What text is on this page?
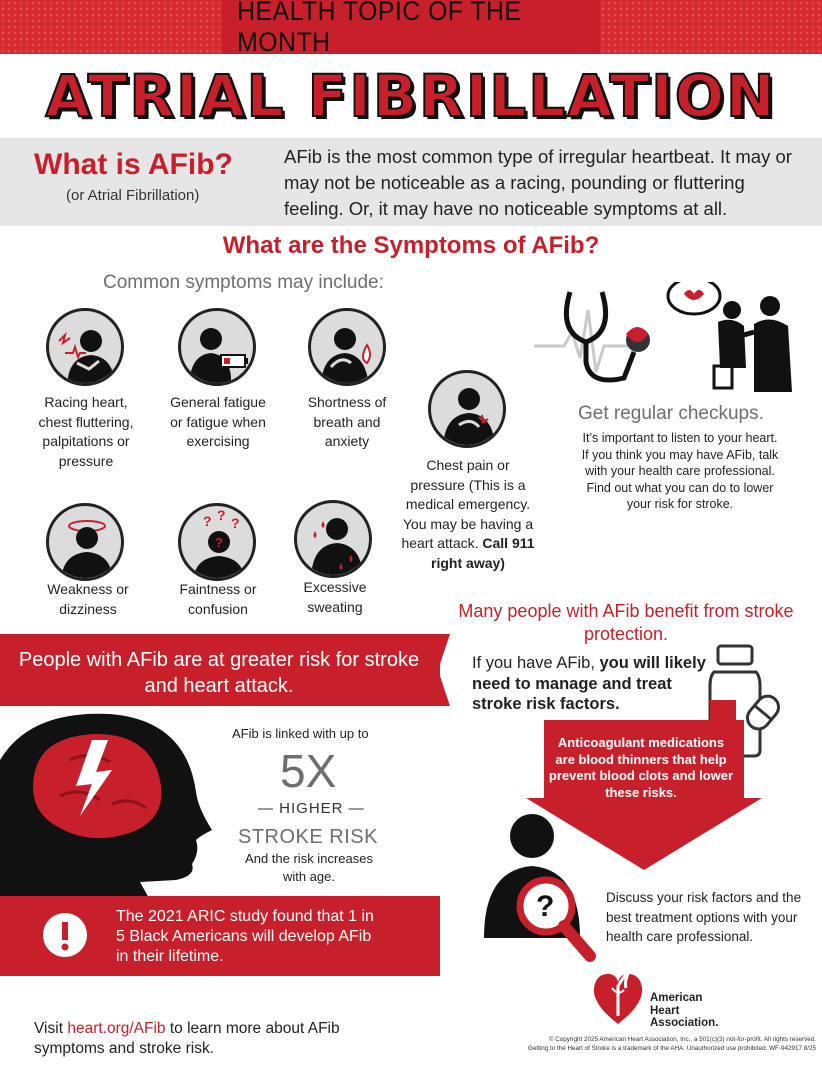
HEALTH TOPIC OF THE MONTH
ATRIAL FIBRILLATION
What is AFib?
(or Atrial Fibrillation)
AFib is the most common type of irregular heartbeat. It may or may not be noticeable as a racing, pounding or fluttering feeling. Or, it may have no noticeable symptoms at all.
What are the Symptoms of AFib?
Common symptoms may include:
Racing heart, chest fluttering, palpitations or pressure
General fatigue or fatigue when exercising
Shortness of breath and anxiety
Chest pain or pressure (This is a medical emergency. You may be having a heart attack. Call 911 right away)
Weakness or dizziness
? ? ?
?
Faintness or confusion
Excessive sweating
Get regular checkups.
It’s important to listen to your heart. If you think you may have AFib, talk with your health care professional. Find out what you can do to lower your risk for stroke.
People with AFib are at greater risk for stroke and heart attack.
AFib is linked with up to
5X
— HIGHER —
STROKE RISK
And the risk increases with age.
The 2021 ARIC study found that 1 in 5 Black Americans will develop AFib in their lifetime.
Many people with AFib benefit from stroke protection.
If you have AFib, you will likely need to manage and treat stroke risk factors.
Anticoagulant medications are blood thinners that help prevent blood clots and lower these risks.
?	Discuss your risk factors and the best treatment options with your health care professional.
Visit heart.org/AFib to learn more about AFib symptoms and stroke risk.
American
Heart
Association.
© Copyright 2025 American Heart Association, Inc., a 501(c)(3) not-for-profit. All rights reserved.
Getting to the Heart of Stroke is a trademark of the AHA. Unauthorized use prohibited. WF-942917 8/25
